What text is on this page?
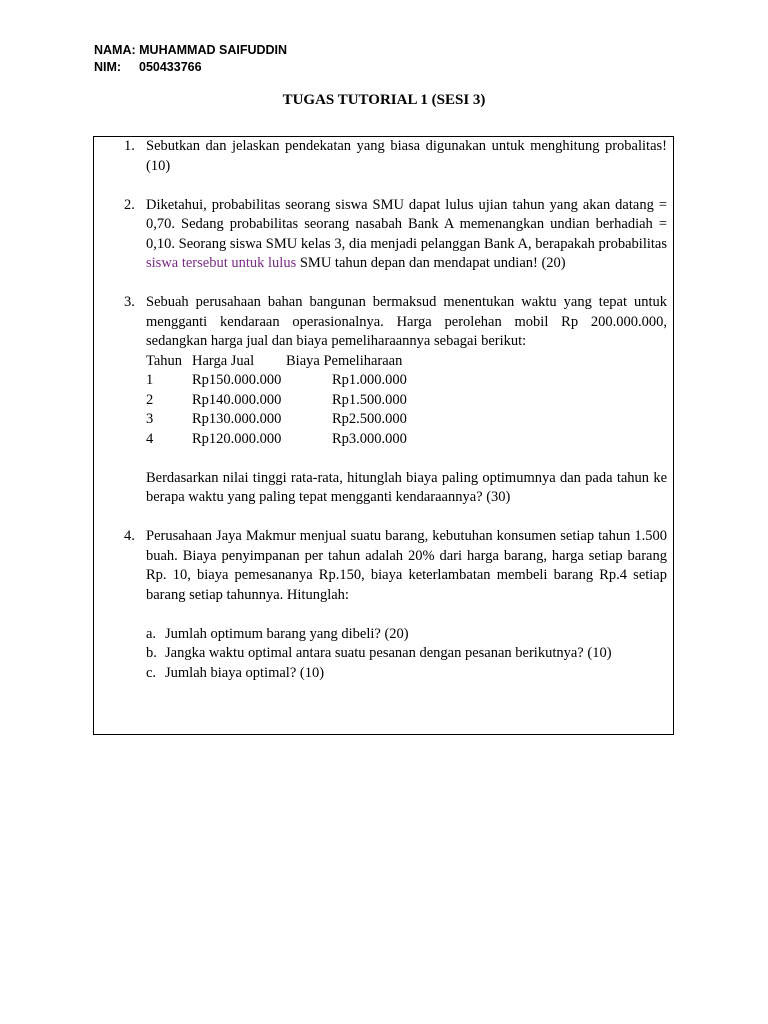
NAMA: MUHAMMAD SAIFUDDIN
NIM: 050433766
TUGAS TUTORIAL 1 (SESI 3)
1. Sebutkan dan jelaskan pendekatan yang biasa digunakan untuk menghitung probalitas! (10)

2. Diketahui, probabilitas seorang siswa SMU dapat lulus ujian tahun yang akan datang = 0,70. Sedang probabilitas seorang nasabah Bank A memenangkan undian berhadiah = 0,10. Seorang siswa SMU kelas 3, dia menjadi pelanggan Bank A, berapakah probabilitas siswa tersebut untuk lulus SMU tahun depan dan mendapat undian! (20)

3. Sebuah perusahaan bahan bangunan bermaksud menentukan waktu yang tepat untuk mengganti kendaraan operasionalnya. Harga perolehan mobil Rp 200.000.000, sedangkan harga jual dan biaya pemeliharaannya sebagai berikut:

Tahun Harga Jual	Biaya Pemeliharaan
1	Rp150.000.000	Rp1.000.000
2	Rp140.000.000	Rp1.500.000
3	Rp130.000.000	Rp2.500.000
4	Rp120.000.000	Rp3.000.000

Berdasarkan nilai tinggi rata-rata, hitunglah biaya paling optimumnya dan pada tahun ke berapa waktu yang paling tepat mengganti kendaraannya? (30)

4. Perusahaan Jaya Makmur menjual suatu barang, kebutuhan konsumen setiap tahun 1.500 buah. Biaya penyimpanan per tahun adalah 20% dari harga barang, harga setiap barang Rp. 10, biaya pemesananya Rp.150, biaya keterlambatan membeli barang Rp.4 setiap barang setiap tahunnya. Hitunglah:

a. Jumlah optimum barang yang dibeli? (20)
b. Jangka waktu optimal antara suatu pesanan dengan pesanan berikutnya? (10)
c. Jumlah biaya optimal? (10)
